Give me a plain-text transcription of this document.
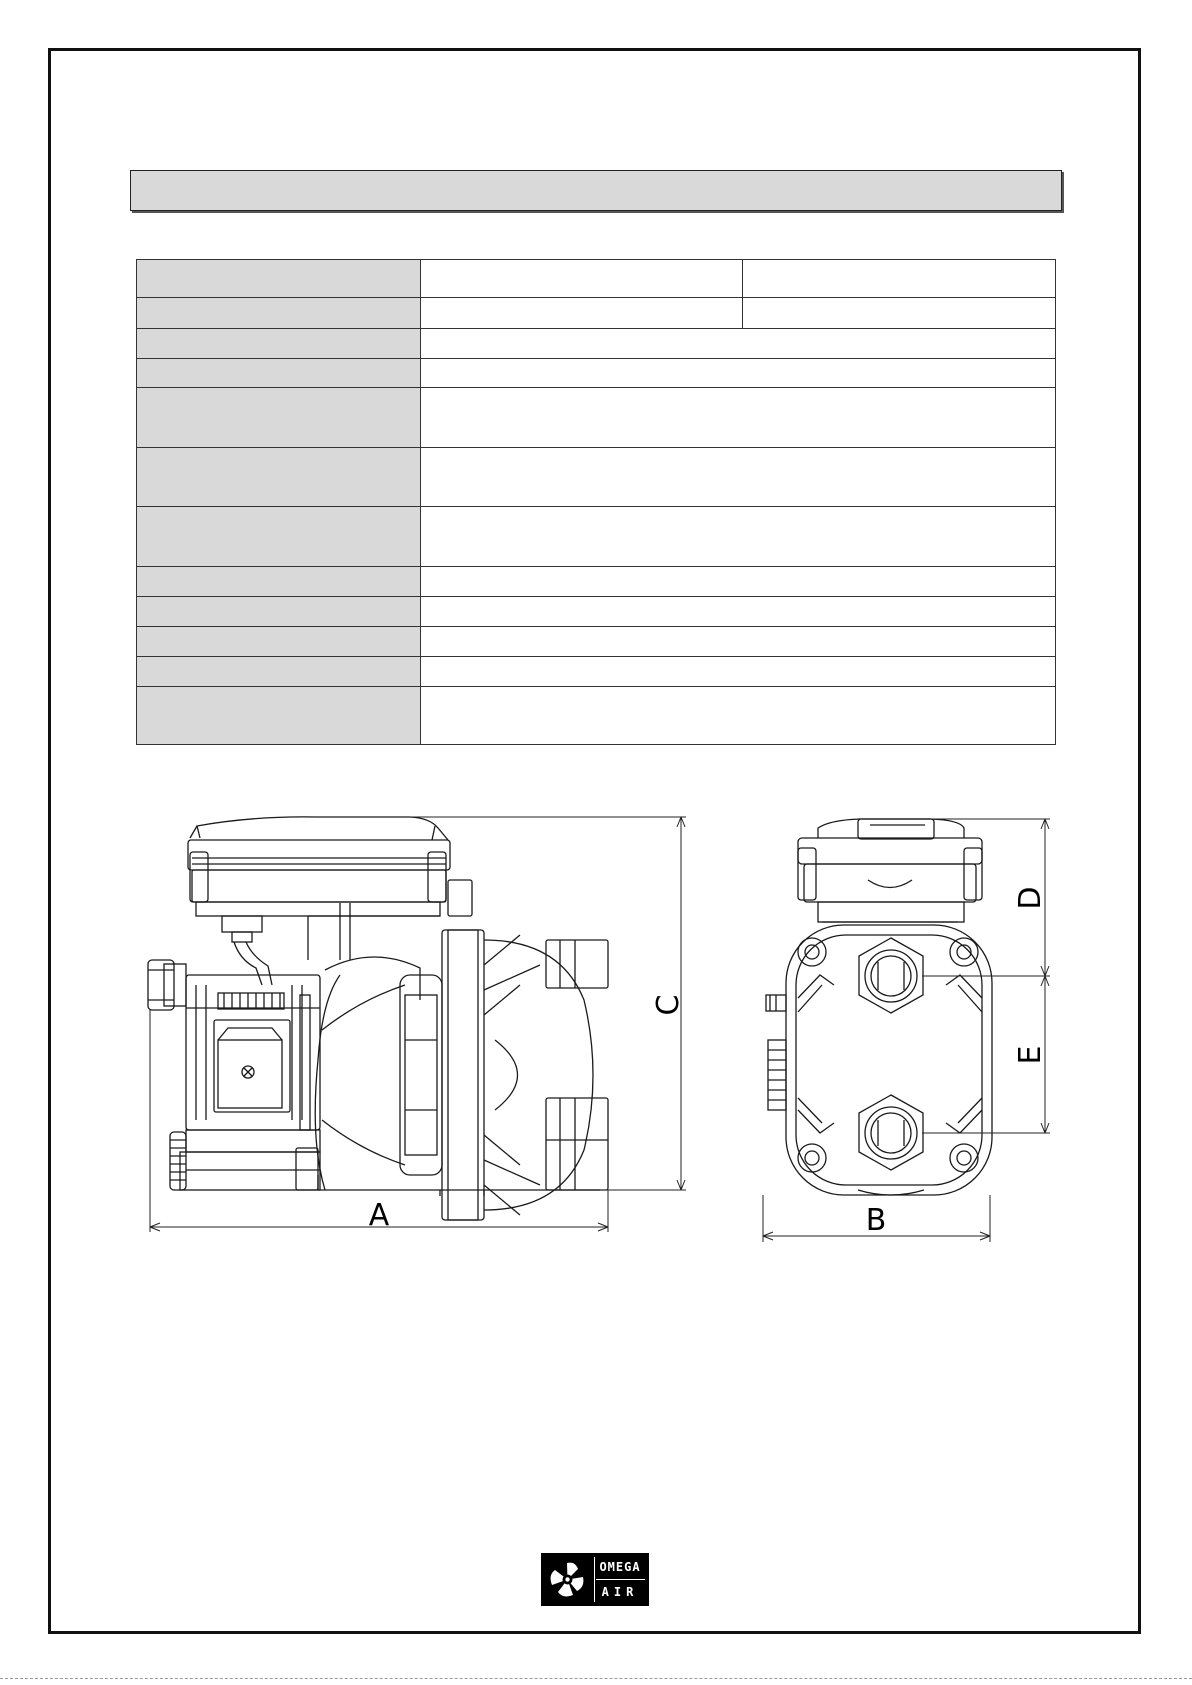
A	B
C
D
E
OMEGA
AIR
